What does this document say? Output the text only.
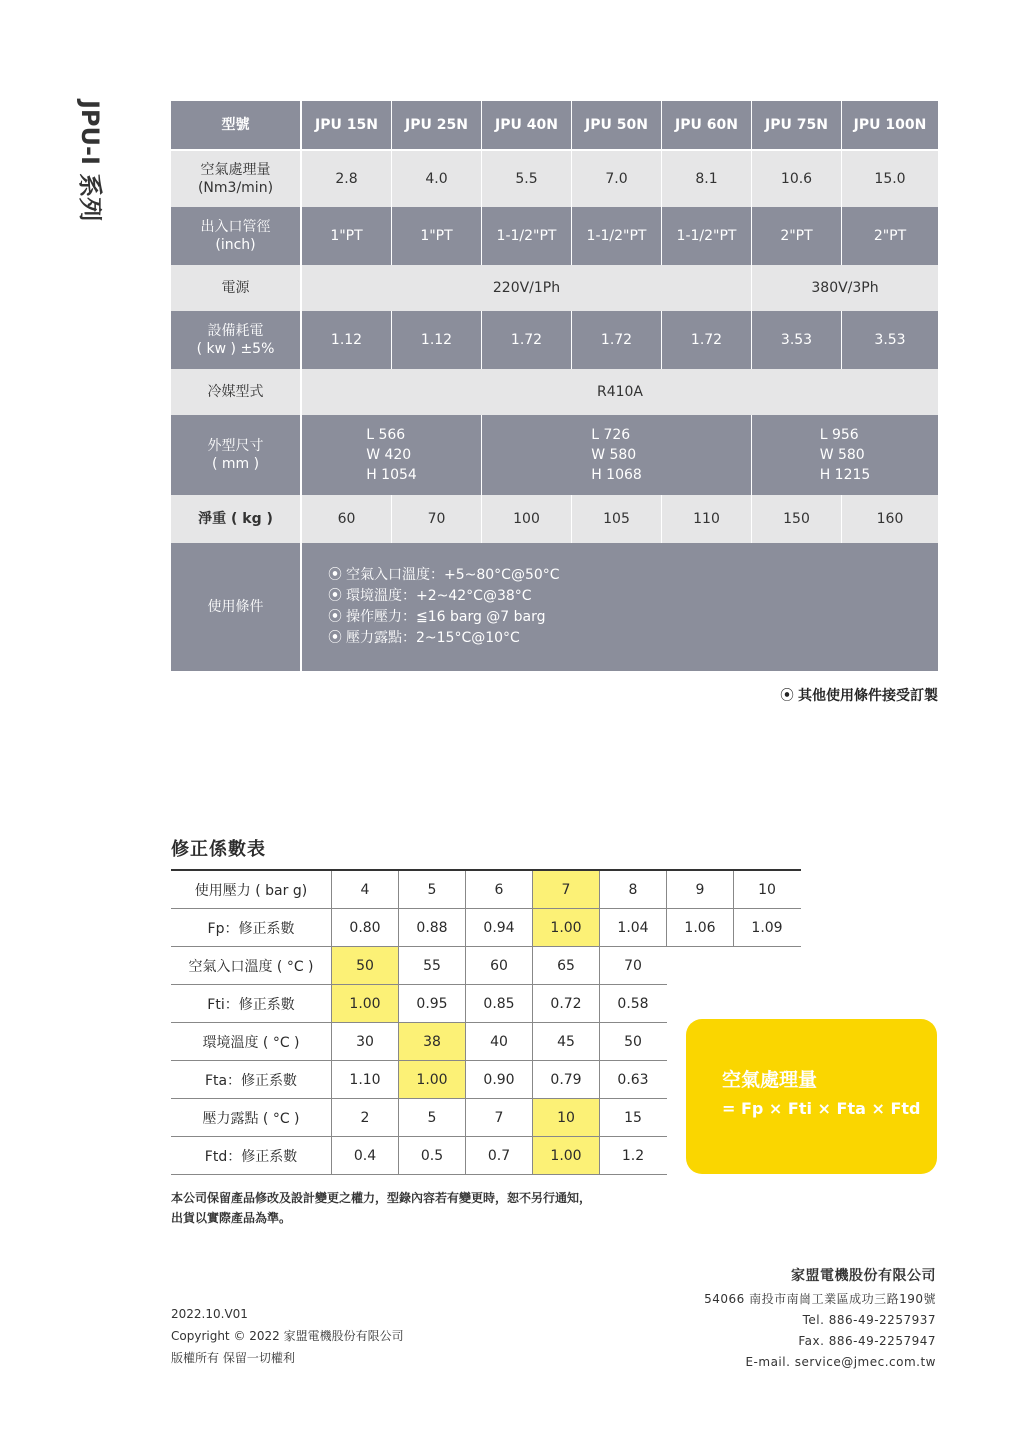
JPU-I 系列	型號	JPU 15N	JPU 25N	JPU 40N	JPU 50N	JPU 60N	JPU 75N	JPU 100N
空氣處理量
(Nm3/min)
2.8	4.0	5.5	7.0	8.1	10.6	15.0
出入口管徑
(inch)
1"PT	1"PT	1-1/2"PT	1-1/2"PT	1-1/2"PT	2"PT	2"PT
電源	220V/1Ph	380V/3Ph
設備耗電
( kw ) ±5%
1.12	1.12	1.72	1.72	1.72	3.53	3.53
冷媒型式	R410A
外型尺寸
( mm )
L 566
W 420
H 1054
L 726
W 580
H 1068
L 956
W 580
H 1215
淨重 ( kg )	60	70	100	105	110	150	160
使用條件
⦿ 空氣入口溫度：+5~80°C@50°C
⦿ 環境溫度：+2~42°C@38°C
⦿ 操作壓力：≦16 barg @7 barg
⦿ 壓力露點：2~15°C@10°C
⦿ 其他使用條件接受訂製
修正係數表
使用壓力 ( bar g)	4	5	6	7	8	9	10
Fp：修正系數	0.80	0.88	0.94	1.00	1.04	1.06	1.09
空氣入口溫度 ( °C )	50	55	60	65	70
Fti：修正系數	1.00	0.95	0.85	0.72	0.58
環境溫度 ( °C )	30	38	40	45	50
Fta：修正系數	1.10	1.00	0.90	0.79	0.63
壓力露點 ( °C )	2	5	7	10	15
Ftd：修正系數	0.4	0.5	0.7	1.00	1.2
空氣處理量
= Fp × Fti × Fta × Ftd
本公司保留產品修改及設計變更之權力，型錄內容若有變更時，恕不另行通知，
出貨以實際產品為準。
2022.10.V01
Copyright © 2022 家盟電機股份有限公司
版權所有 保留一切權利
家盟電機股份有限公司
54066 南投市南崗工業區成功三路190號
Tel. 886-49-2257937
Fax. 886-49-2257947
E-mail. service@jmec.com.tw
